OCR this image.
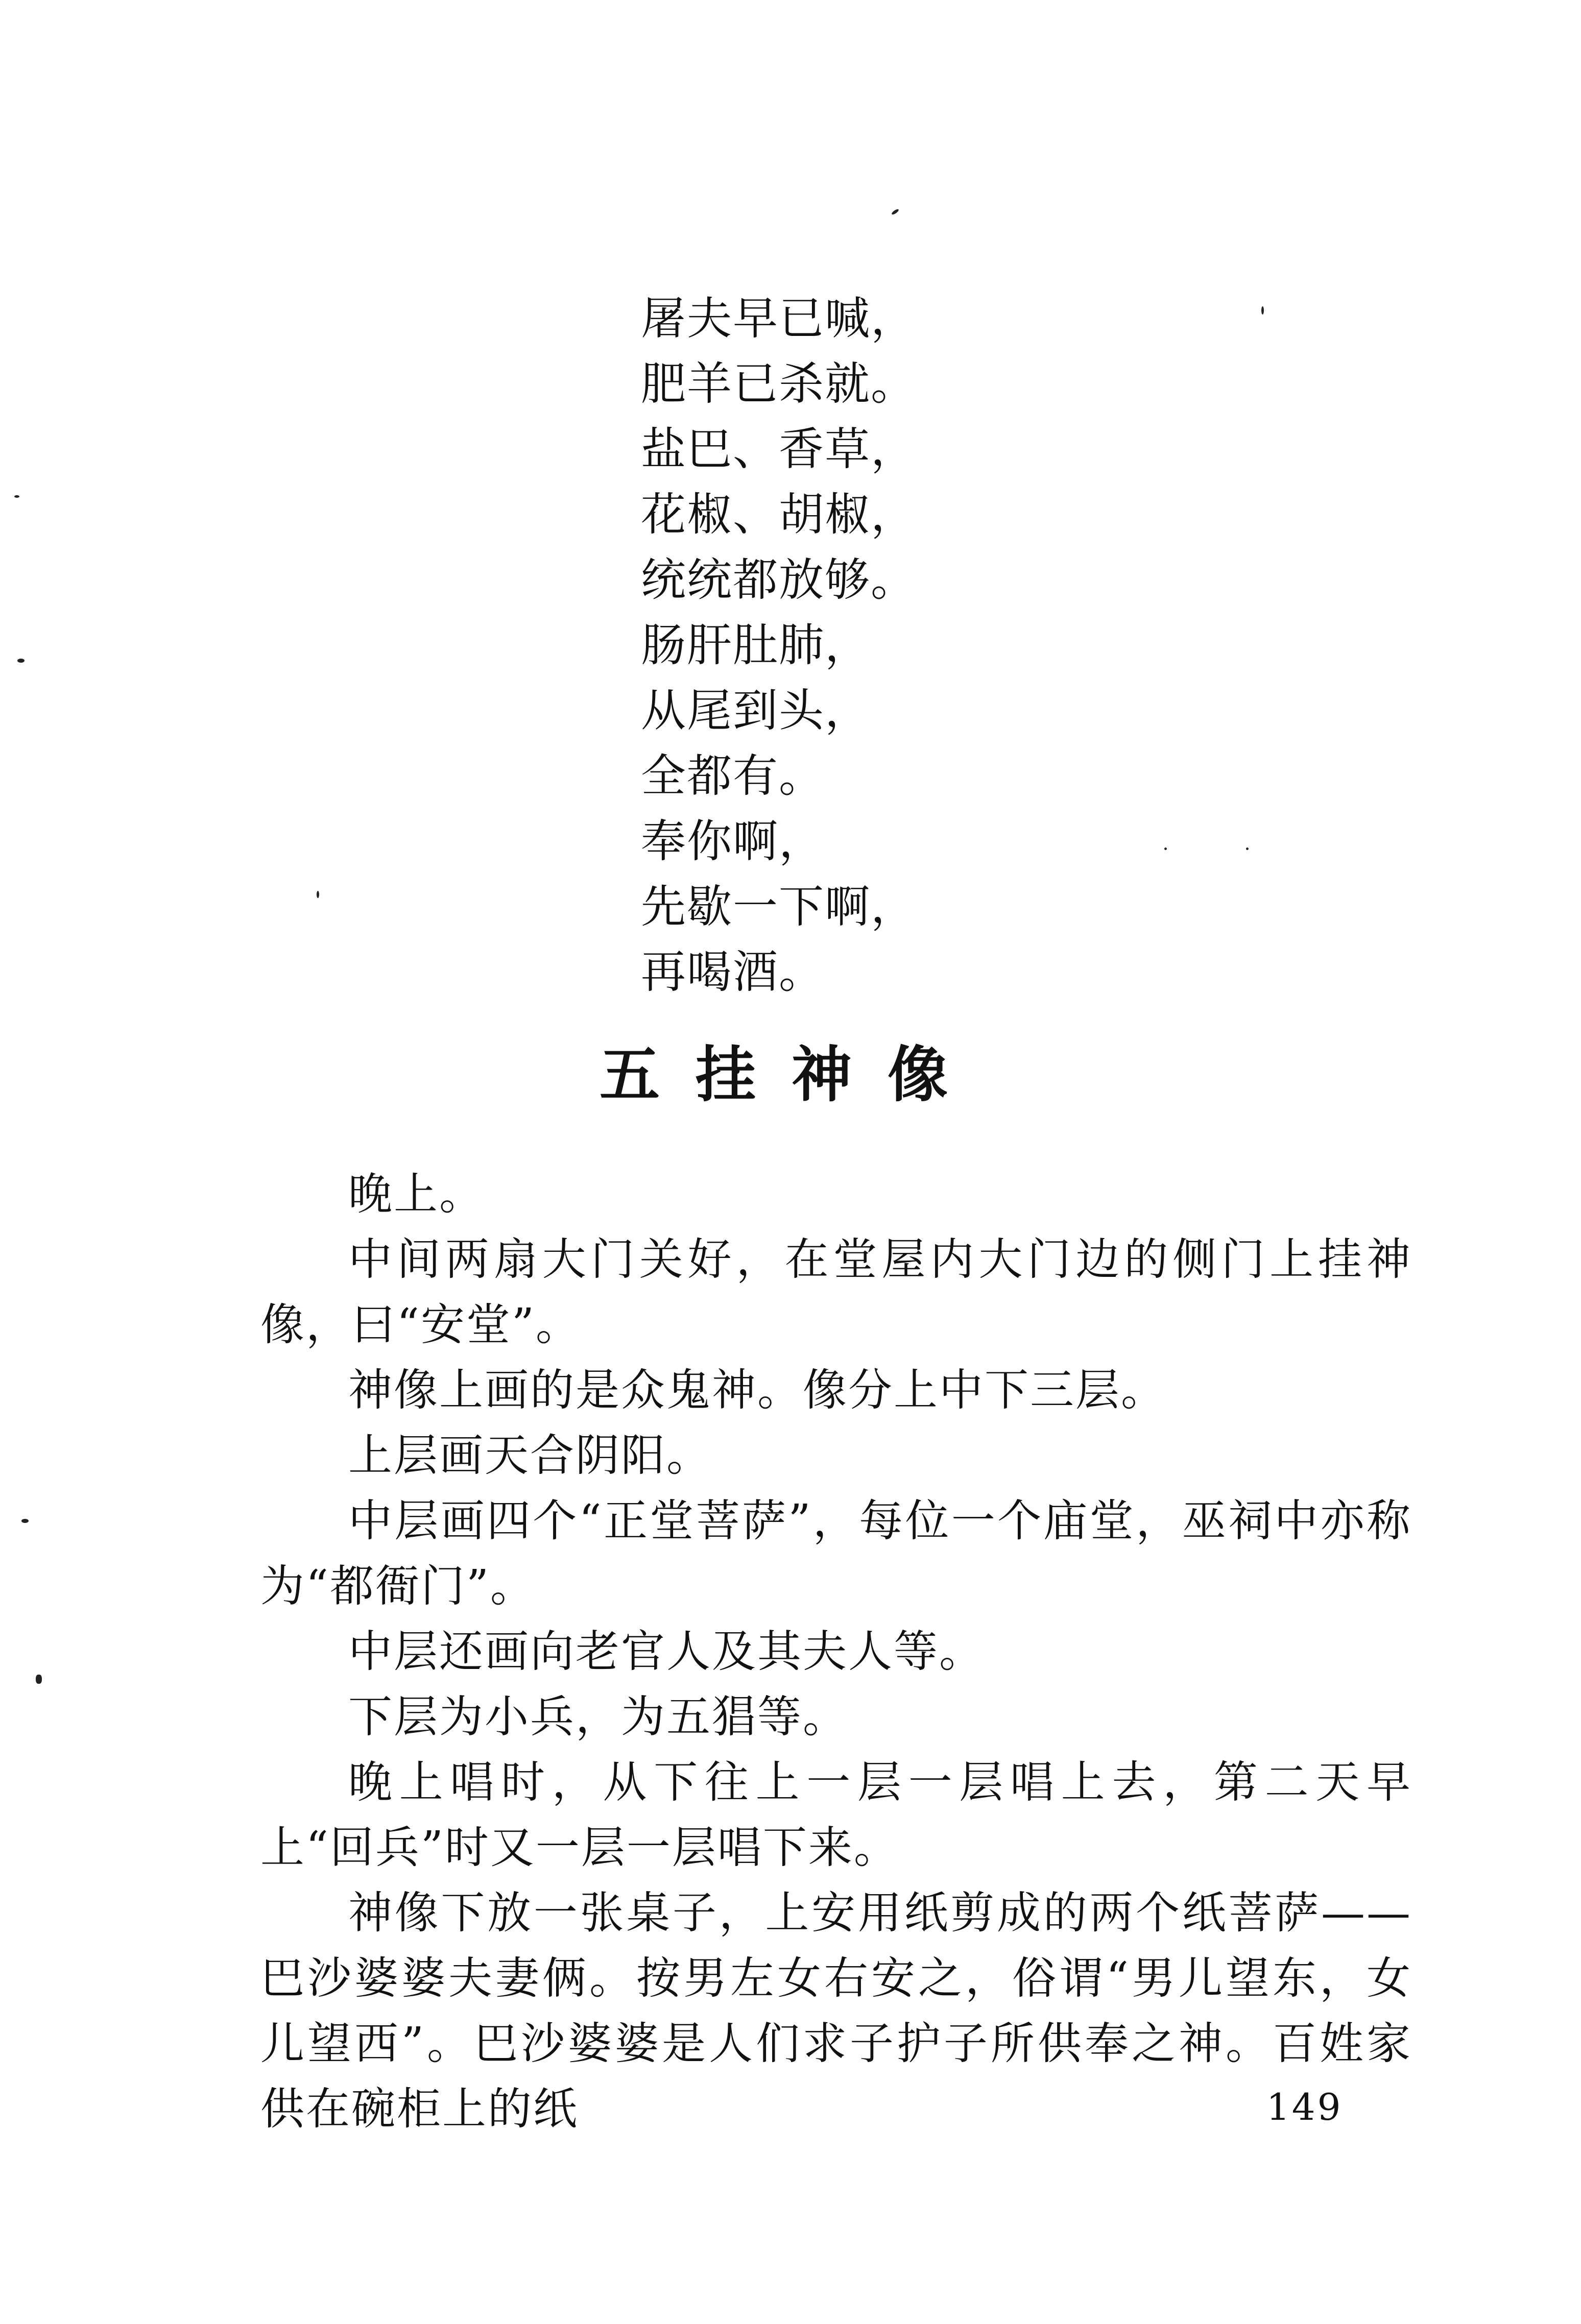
屠夫早已喊，
肥羊已杀就。
盐巴、香草，
花椒、胡椒，
统统都放够。
肠肝肚肺，
从尾到头，
全都有。
奉你啊，
先歇一下啊，
再喝酒。
五挂神像

晚上。

中间两扇大门关好，在堂屋内大门边的侧门上挂神像，曰“安堂”。

神像上画的是众鬼神。像分上中下三层。

上层画天合阴阳。

中层画四个“正堂菩萨”，每位一个庙堂，巫祠中亦称为“都衙门”。

中层还画向老官人及其夫人等。

下层为小兵，为五猖等。

晚上唱时，从下往上一层一层唱上去，第二天早上“回兵”时又一层一层唱下来。

神像下放一张桌子，上安用纸剪成的两个纸菩萨——巴沙婆婆夫妻俩。按男左女右安之，俗谓“男儿望东，女儿望西”。巴沙婆婆是人们求子护子所供奉之神。百姓家供在碗柜上的纸	149
